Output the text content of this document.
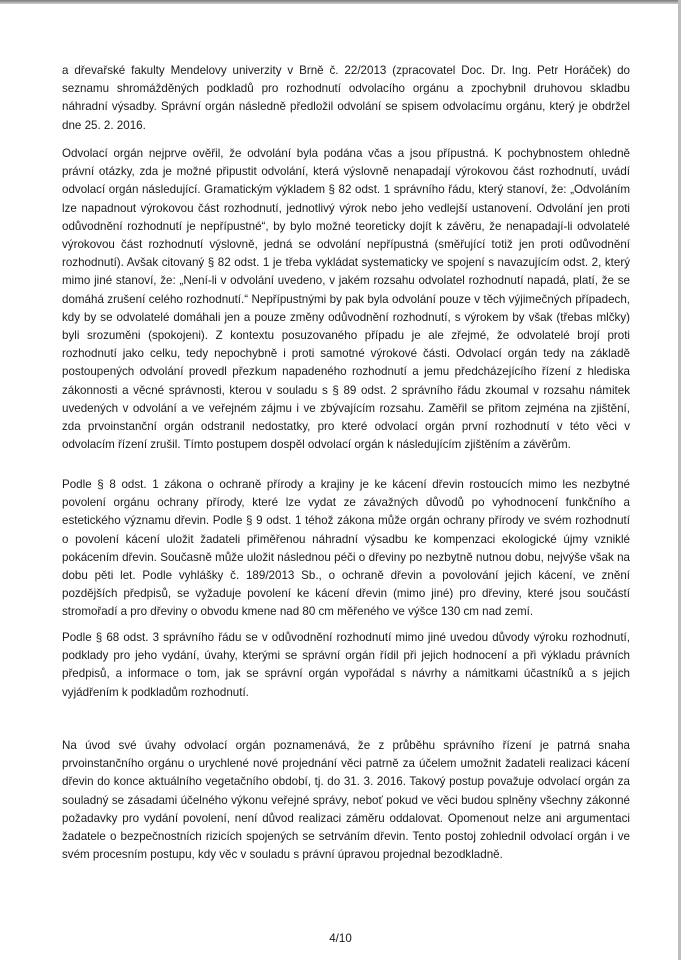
a dřevařské fakulty Mendelovy univerzity v Brně č. 22/2013 (zpracovatel Doc. Dr. Ing. Petr Horáček) do seznamu shromážděných podkladů pro rozhodnutí odvolacího orgánu a zpochybnil druhovou skladbu náhradní výsadby. Správní orgán následně předložil odvolání se spisem odvolacímu orgánu, který je obdržel dne 25. 2. 2016.

Odvolací orgán nejprve ověřil, že odvolání byla podána včas a jsou přípustná. K pochybnostem ohledně právní otázky, zda je možné připustit odvolání, která výslovně nenapadají výrokovou část rozhodnutí, uvádí odvolací orgán následující. Gramatickým výkladem § 82 odst. 1 správního řádu, který stanoví, že: „Odvoláním lze napadnout výrokovou část rozhodnutí, jednotlivý výrok nebo jeho vedlejší ustanovení. Odvolání jen proti odůvodnění rozhodnutí je nepřípustné“, by bylo možné teoreticky dojít k závěru, že nenapadají-li odvolatelé výrokovou část rozhodnutí výslovně, jedná se odvolání nepřípustná (směřující totiž jen proti odůvodnění rozhodnutí). Avšak citovaný § 82 odst. 1 je třeba vykládat systematicky ve spojení s navazujícím odst. 2, který mimo jiné stanoví, že: „Není-li v odvolání uvedeno, v jakém rozsahu odvolatel rozhodnutí napadá, platí, že se domáhá zrušení celého rozhodnutí.“ Nepřípustnými by pak byla odvolání pouze v těch výjimečných případech, kdy by se odvolatelé domáhali jen a pouze změny odůvodnění rozhodnutí, s výrokem by však (třebas mlčky) byli srozuměni (spokojeni). Z kontextu posuzovaného případu je ale zřejmé, že odvolatelé brojí proti rozhodnutí jako celku, tedy nepochybně i proti samotné výrokové části. Odvolací orgán tedy na základě postoupených odvolání provedl přezkum napadeného rozhodnutí a jemu předcházejícího řízení z hlediska zákonnosti a věcné správnosti, kterou v souladu s § 89 odst. 2 správního řádu zkoumal v rozsahu námitek uvedených v odvolání a ve veřejném zájmu i ve zbývajícím rozsahu. Zaměřil se přitom zejména na zjištění, zda prvoinstanční orgán odstranil nedostatky, pro které odvolací orgán první rozhodnutí v této věci v odvolacím řízení zrušil. Tímto postupem dospěl odvolací orgán k následujícím zjištěním a závěrům.

Podle § 8 odst. 1 zákona o ochraně přírody a krajiny je ke kácení dřevin rostoucích mimo les nezbytné povolení orgánu ochrany přírody, které lze vydat ze závažných důvodů po vyhodnocení funkčního a estetického významu dřevin. Podle § 9 odst. 1 téhož zákona může orgán ochrany přírody ve svém rozhodnutí o povolení kácení uložit žadateli přiměřenou náhradní výsadbu ke kompenzaci ekologické újmy vzniklé pokácením dřevin. Současně může uložit následnou péči o dřeviny po nezbytně nutnou dobu, nejvýše však na dobu pěti let. Podle vyhlášky č. 189/2013 Sb., o ochraně dřevin a povolování jejich kácení, ve znění pozdějších předpisů, se vyžaduje povolení ke kácení dřevin (mimo jiné) pro dřeviny, které jsou součástí stromořadí a pro dřeviny o obvodu kmene nad 80 cm měřeného ve výšce 130 cm nad zemí.

Podle § 68 odst. 3 správního řádu se v odůvodnění rozhodnutí mimo jiné uvedou důvody výroku rozhodnutí, podklady pro jeho vydání, úvahy, kterými se správní orgán řídil při jejich hodnocení a při výkladu právních předpisů, a informace o tom, jak se správní orgán vypořádal s návrhy a námitkami účastníků a s jejich vyjádřením k podkladům rozhodnutí.

Na úvod své úvahy odvolací orgán poznamenává, že z průběhu správního řízení je patrná snaha prvoinstančního orgánu o urychlené nové projednání věci patrně za účelem umožnit žadateli realizaci kácení dřevin do konce aktuálního vegetačního období, tj. do 31. 3. 2016. Takový postup považuje odvolací orgán za souladný se zásadami účelného výkonu veřejné správy, neboť pokud ve věci budou splněny všechny zákonné požadavky pro vydání povolení, není důvod realizaci záměru oddalovat. Opomenout nelze ani argumentaci žadatele o bezpečnostních rizicích spojených se setrváním dřevin. Tento postoj zohlednil odvolací orgán i ve svém procesním postupu, kdy věc v souladu s právní úpravou projednal bezodkladně.

4/10
